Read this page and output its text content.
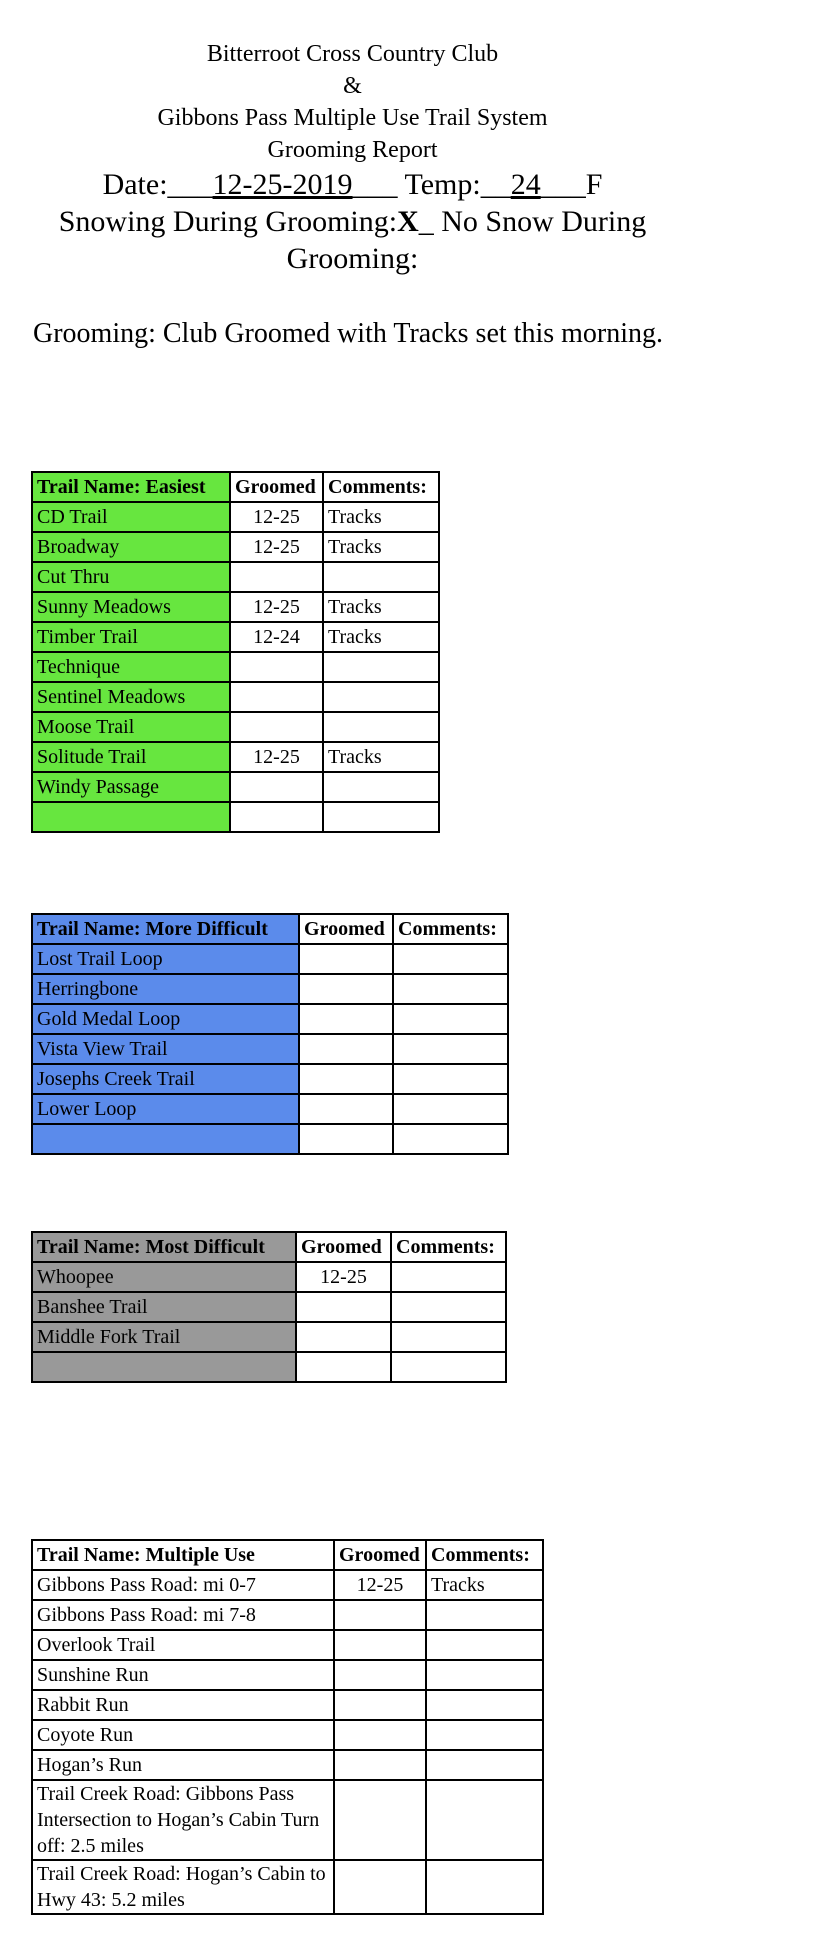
Bitterroot Cross Country Club
&
Gibbons Pass Multiple Use Trail System
Grooming Report
Date:___12-25-2019___ Temp:__24___F
Snowing During Grooming:X_ No Snow During Grooming:
Grooming: Club Groomed with Tracks set this morning.
Trail Name: Easiest	Groomed	Comments:
CD Trail	12-25	Tracks
Broadway	12-25	Tracks
Cut Thru		
Sunny Meadows	12-25	Tracks
Timber Trail	12-24	Tracks
Technique		
Sentinel Meadows		
Moose Trail		
Solitude Trail	12-25	Tracks
Windy Passage		

Trail Name: More Difficult	Groomed	Comments:
Lost Trail Loop		
Herringbone		
Gold Medal Loop		
Vista View Trail		
Josephs Creek Trail		
Lower Loop		

Trail Name: Most Difficult	Groomed	Comments:
Whoopee	12-25	
Banshee Trail		
Middle Fork Trail		

Trail Name: Multiple Use	Groomed	Comments:
Gibbons Pass Road: mi 0-7	12-25	Tracks
Gibbons Pass Road: mi 7-8		
Overlook Trail		
Sunshine Run		
Rabbit Run		
Coyote Run		
Hogan’s Run		
Trail Creek Road: Gibbons Pass Intersection to Hogan’s Cabin Turn off: 2.5 miles		
Trail Creek Road: Hogan’s Cabin to Hwy 43: 5.2 miles		
